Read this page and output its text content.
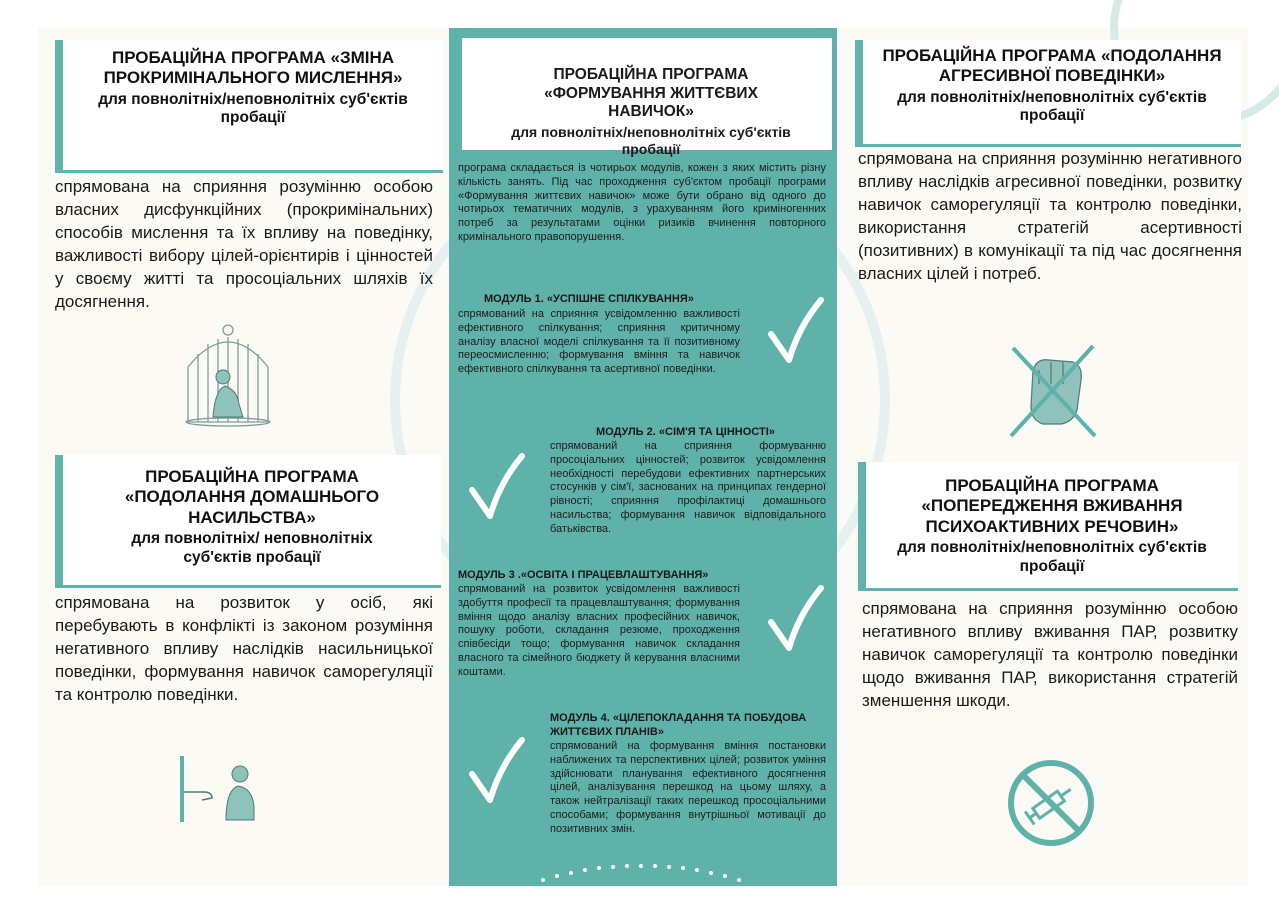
ПРОБАЦІЙНА ПРОГРАМА «ЗМІНА ПРОКРИМІНАЛЬНОГО МИСЛЕННЯ»
для повнолітніх/неповнолітніх суб'єктів пробації
спрямована на сприяння розумінню особою власних дисфункційних (прокримінальних) способів мислення та їх впливу на поведінку, важливості вибору цілей-орієнтирів і цінностей у своєму житті та просоціальних шляхів їх досягнення.
ПРОБАЦІЙНА ПРОГРАМА «ПОДОЛАННЯ ДОМАШНЬОГО НАСИЛЬСТВА»
для повнолітніх/ неповнолітніх суб'єктів пробації
спрямована на розвиток у осіб, які перебувають в конфлікті із законом розуміння негативного впливу наслідків насильницької поведінки, формування навичок саморегуляції та контролю поведінки.
ПРОБАЦІЙНА ПРОГРАМА «ФОРМУВАННЯ ЖИТТЄВИХ НАВИЧОК»
для повнолітніх/неповнолітніх суб'єктів пробації
програма складається із чотирьох модулів, кожен з яких містить різну кількість занять. Під час проходження суб'єктом пробації програми «Формування життєвих навичок» може бути обрано від одного до чотирьох тематичних модулів, з урахуванням його криміногенних потреб за результатами оцінки ризиків вчинення повторного кримінального правопорушення.
МОДУЛЬ 1. «УСПІШНЕ СПІЛКУВАННЯ»
спрямований на сприяння усвідомленню важливості ефективного спілкування; сприяння критичному аналізу власної моделі спілкування та її позитивному переосмисленню; формування вміння та навичок ефективного спілкування та асертивної поведінки.
МОДУЛЬ 2. «СІМ'Я ТА ЦІННОСТІ»
спрямований на сприяння формуванню просоціальних цінностей; розвиток усвідомлення необхідності перебудови ефективних партнерських стосунків у сім'ї, заснованих на принципах гендерної рівності; сприяння профілактиці домашнього насильства; формування навичок відповідального батьківства.
МОДУЛЬ 3 .«ОСВІТА І ПРАЦЕВЛАШТУВАННЯ»
спрямований на розвиток усвідомлення важливості здобуття професії та працевлаштування; формування вміння щодо аналізу власних професійних навичок, пошуку роботи, складання резюме, проходження співбесіди тощо; формування навичок складання власного та сімейного бюджету й керування власними коштами.
МОДУЛЬ 4. «ЦІЛЕПОКЛАДАННЯ ТА ПОБУДОВА ЖИТТЄВИХ ПЛАНІВ»
спрямований на формування вміння постановки наближених та перспективних цілей; розвиток уміння здійснювати планування ефективного досягнення цілей, аналізування перешкод на цьому шляху, а також нейтралізації таких перешкод просоціальними способами; формування внутрішньої мотивації до позитивних змін.
ПРОБАЦІЙНА ПРОГРАМА «ПОДОЛАННЯ АГРЕСИВНОЇ ПОВЕДІНКИ»
для повнолітніх/неповнолітніх суб'єктів пробації
спрямована на сприяння розумінню негативного впливу наслідків агресивної поведінки, розвитку навичок саморегуляції та контролю поведінки, використання стратегій асертивності (позитивних) в комунікації та під час досягнення власних цілей і потреб.
ПРОБАЦІЙНА ПРОГРАМА «ПОПЕРЕДЖЕННЯ ВЖИВАННЯ ПСИХОАКТИВНИХ РЕЧОВИН»
для повнолітніх/неповнолітніх суб'єктів пробації
спрямована на сприяння розумінню особою негативного впливу вживання ПАР, розвитку навичок саморегуляції та контролю поведінки щодо вживання ПАР, використання стратегій зменшення шкоди.
